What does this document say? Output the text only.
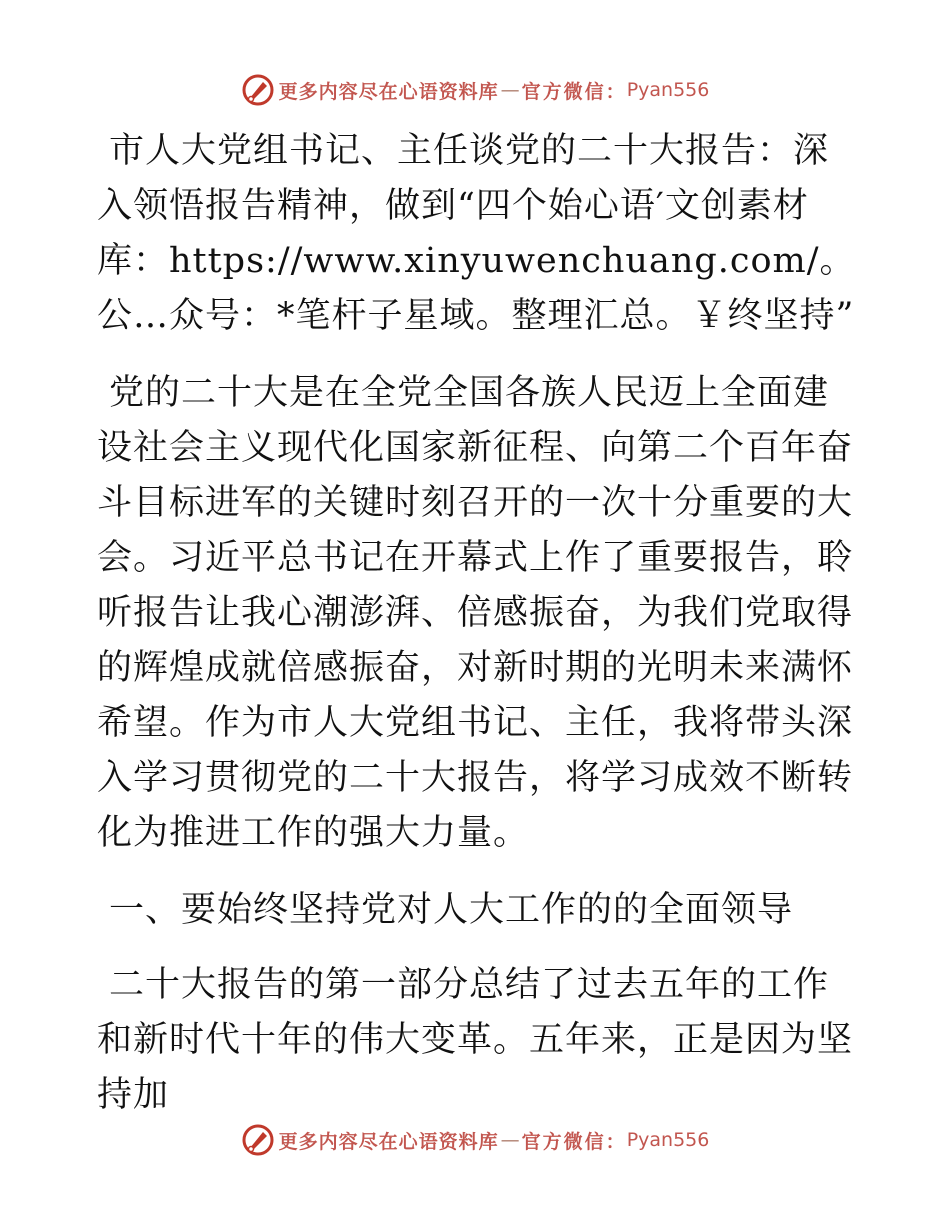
更多内容尽在心语资料库 — 官方微信： Pyan556

市人大党组书记、主任谈党的二十大报告：深入领悟报告精神，做到“四个始心语′文创素材库：https://www.xinyuwenchuang.com/。公…众号：*笔杆子星域。整理汇总。￥终坚持”

党的二十大是在全党全国各族人民迈上全面建设社会主义现代化国家新征程、向第二个百年奋斗目标进军的关键时刻召开的一次十分重要的大会。习近平总书记在开幕式上作了重要报告，聆听报告让我心潮澎湃、倍感振奋，为我们党取得的辉煌成就倍感振奋，对新时期的光明未来满怀希望。作为市人大党组书记、主任，我将带头深入学习贯彻党的二十大报告，将学习成效不断转化为推进工作的强大力量。

一、要始终坚持党对人大工作的的全面领导

二十大报告的第一部分总结了过去五年的工作和新时代十年的伟大变革。五年来，正是因为坚持加

更多内容尽在心语资料库 — 官方微信： Pyan556
